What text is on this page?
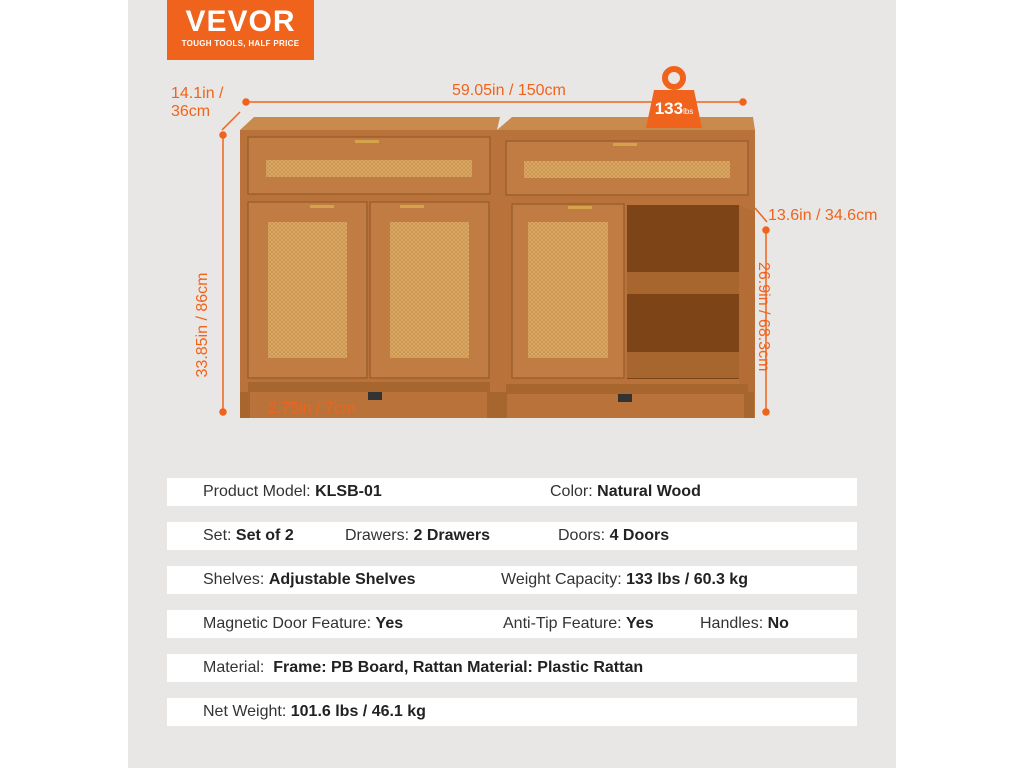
VEVOR
TOUGH TOOLS, HALF PRICE
133lbs
14.1in / 36cm
59.05in / 150cm
33.85in / 86cm	26.9in / 68.3cm
13.6in / 34.6cm
2.75in / 7cm
Product Model: KLSB-01	Color: Natural Wood
Set: Set of 2	Drawers: 2 Drawers	Doors: 4 Doors
Shelves: Adjustable Shelves	Weight Capacity: 133 lbs / 60.3 kg
Magnetic Door Feature: Yes	Anti-Tip Feature: Yes	Handles: No
Material: Frame: PB Board, Rattan Material: Plastic Rattan
Net Weight: 101.6 lbs / 46.1 kg
